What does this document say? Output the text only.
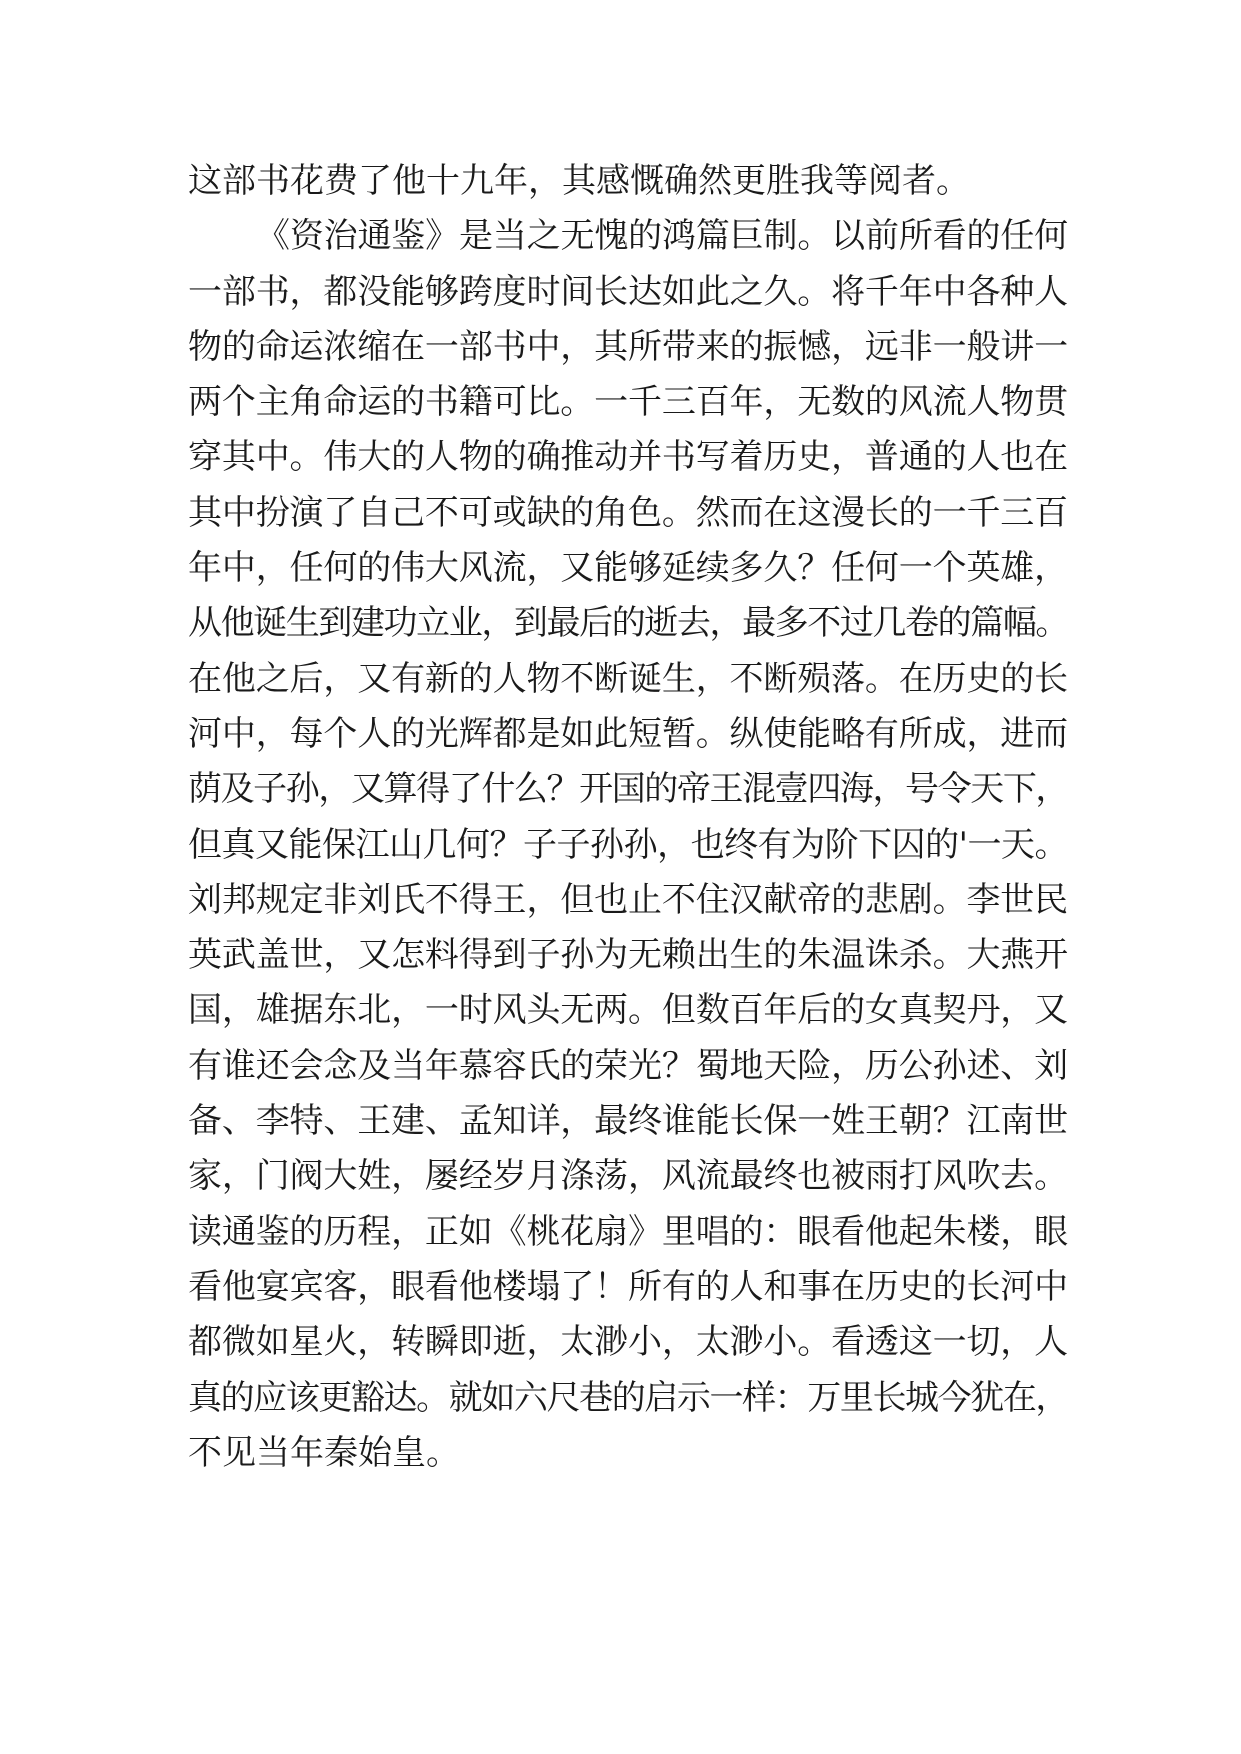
这部书花费了他十九年，其感慨确然更胜我等阅者。
《资治通鉴》是当之无愧的鸿篇巨制。以前所看的任何
一部书，都没能够跨度时间长达如此之久。将千年中各种人
物的命运浓缩在一部书中，其所带来的振憾，远非一般讲一
两个主角命运的书籍可比。一千三百年，无数的风流人物贯
穿其中。伟大的人物的确推动并书写着历史，普通的人也在
其中扮演了自己不可或缺的角色。然而在这漫长的一千三百
年中，任何的伟大风流，又能够延续多久？任何一个英雄，
从他诞生到建功立业，到最后的逝去，最多不过几卷的篇幅。
在他之后，又有新的人物不断诞生，不断殒落。在历史的长
河中，每个人的光辉都是如此短暂。纵使能略有所成，进而
荫及子孙，又算得了什么？开国的帝王混壹四海，号令天下，
但真又能保江山几何？子子孙孙，也终有为阶下囚的'一天。
刘邦规定非刘氏不得王，但也止不住汉献帝的悲剧。李世民
英武盖世，又怎料得到子孙为无赖出生的朱温诛杀。大燕开
国，雄据东北，一时风头无两。但数百年后的女真契丹，又
有谁还会念及当年慕容氏的荣光？蜀地天险，历公孙述、刘
备、李特、王建、孟知详，最终谁能长保一姓王朝？江南世
家，门阀大姓，屡经岁月涤荡，风流最终也被雨打风吹去。
读通鉴的历程，正如《桃花扇》里唱的：眼看他起朱楼，眼
看他宴宾客，眼看他楼塌了！所有的人和事在历史的长河中
都微如星火，转瞬即逝，太渺小，太渺小。看透这一切，人
真的应该更豁达。就如六尺巷的启示一样：万里长城今犹在，
不见当年秦始皇。
